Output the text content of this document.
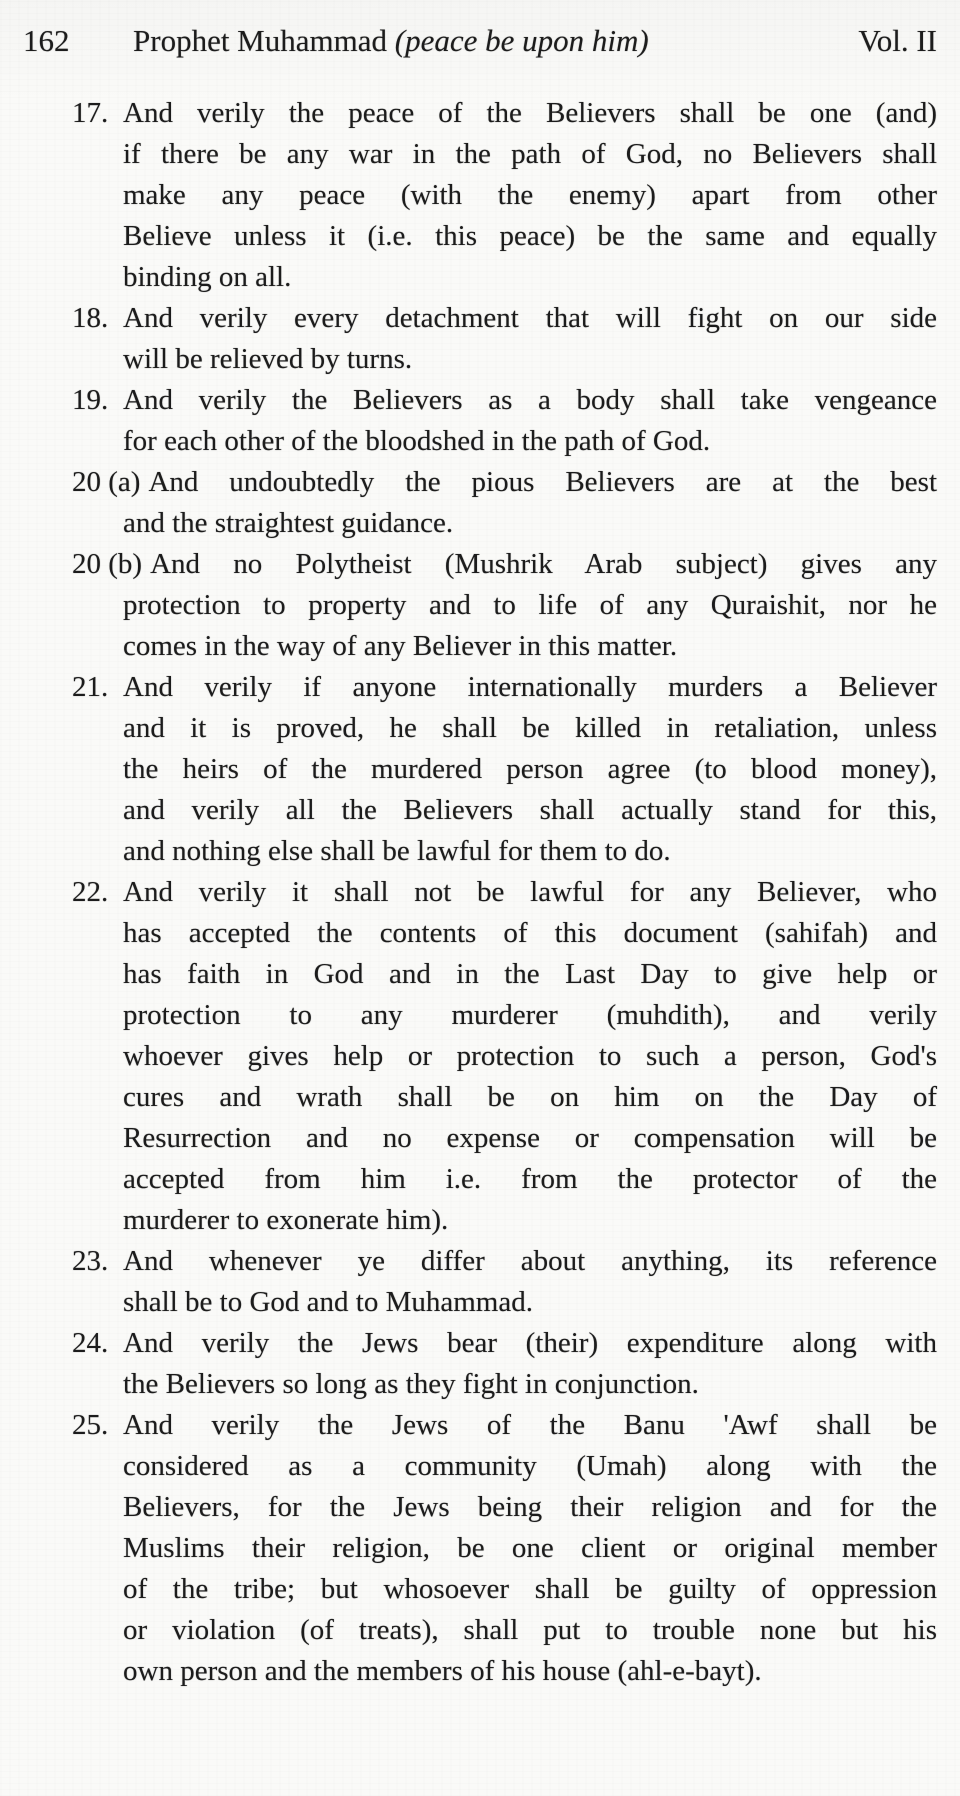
162	Prophet Muhammad (peace be upon him)	Vol. II
17. And verily the peace of the Believers shall be one (and)
if there be any war in the path of God, no Believers shall
make any peace (with the enemy) apart from other
Believe unless it (i.e. this peace) be the same and equally
binding on all.
18. And verily every detachment that will fight on our side
will be relieved by turns.
19. And verily the Believers as a body shall take vengeance
for each other of the bloodshed in the path of God.
20 (a) And undoubtedly the pious Believers are at the best
and the straightest guidance.
20 (b) And no Polytheist (Mushrik Arab subject) gives any
protection to property and to life of any Quraishit, nor he
comes in the way of any Believer in this matter.
21. And verily if anyone internationally murders a Believer
and it is proved, he shall be killed in retaliation, unless
the heirs of the murdered person agree (to blood money),
and verily all the Believers shall actually stand for this,
and nothing else shall be lawful for them to do.
22. And verily it shall not be lawful for any Believer, who
has accepted the contents of this document (sahifah) and
has faith in God and in the Last Day to give help or
protection to any murderer (muhdith), and verily
whoever gives help or protection to such a person, God's
cures and wrath shall be on him on the Day of
Resurrection and no expense or compensation will be
accepted from him i.e. from the protector of the
murderer to exonerate him).
23. And whenever ye differ about anything, its reference
shall be to God and to Muhammad.
24. And verily the Jews bear (their) expenditure along with
the Believers so long as they fight in conjunction.
25. And verily the Jews of the Banu 'Awf shall be
considered as a community (Umah) along with the
Believers, for the Jews being their religion and for the
Muslims their religion, be one client or original member
of the tribe; but whosoever shall be guilty of oppression
or violation (of treats), shall put to trouble none but his
own person and the members of his house (ahl-e-bayt).
